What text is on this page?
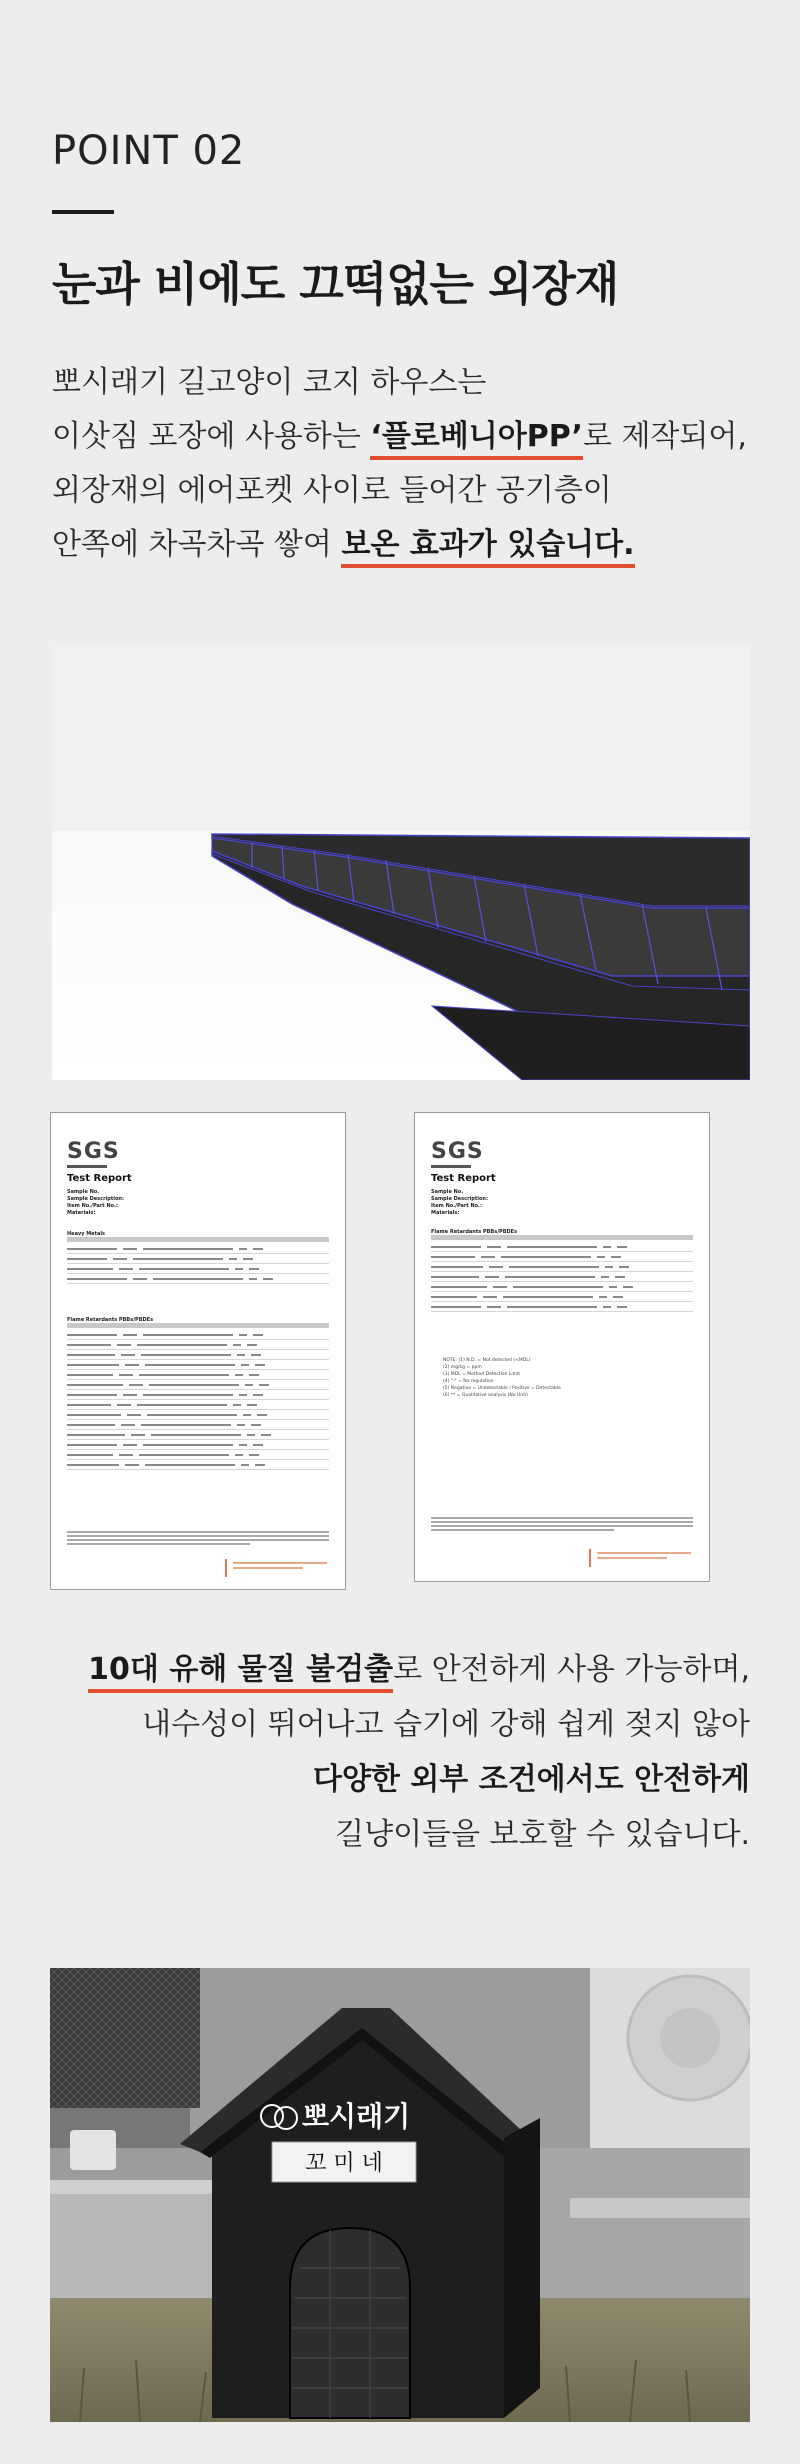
POINT 02
눈과 비에도 끄떡없는 외장재
뽀시래기 길고양이 코지 하우스는
이삿짐 포장에 사용하는 ‘플로베니아PP’로 제작되어,
외장재의 에어포켓 사이로 들어간 공기층이
안쪽에 차곡차곡 쌓여 보온 효과가 있습니다.
SGS
Test Report
Sample No.
Sample Description:
Item No./Part No.:
Materials:
Heavy Metals
Flame Retardants PBBs/PBDEs
SGS
Test Report
Sample No.
Sample Description:
Item No./Part No.:
Materials:
Flame Retardants PBBs/PBDEs
NOTE: (1) N.D. = Not detected (<MDL)
(2) mg/kg = ppm
(3) MDL = Method Detection Limit
(4) "-" = No regulation
(5) Negative = Undetectable / Positive = Detectable
(6) ** = Qualitative analysis (No Unit)
10대 유해 물질 불검출로 안전하게 사용 가능하며,
내수성이 뛰어나고 습기에 강해 쉽게 젖지 않아
다양한 외부 조건에서도 안전하게
길냥이들을 보호할 수 있습니다.
뽀시래기
꼬 미 네
